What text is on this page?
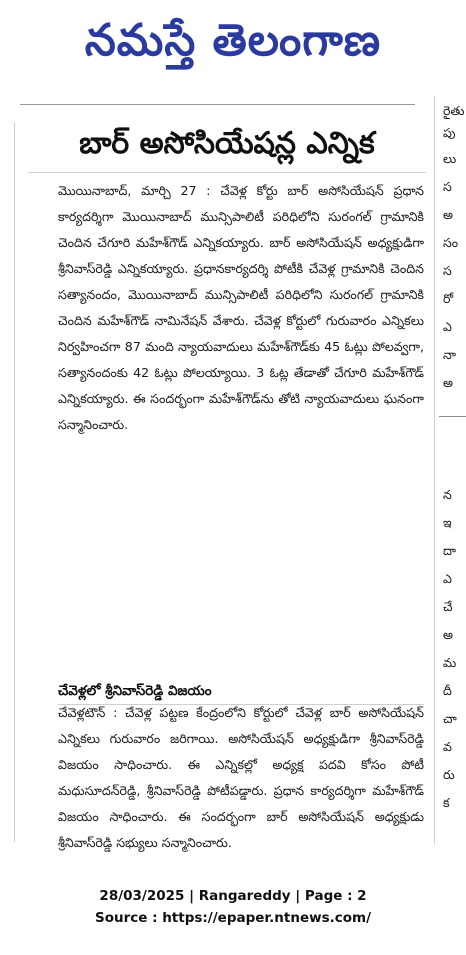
నమస్తే తెలంగాణ
బార్ అసోసియేషన్ల ఎన్నిక

మొయినాబాద్, మార్చి 27 : చేవెళ్ల కోర్టు బార్ అసోసియేషన్ ప్రధాన కార్యదర్శిగా మొయినాబాద్ మున్సిపాలిటీ పరిధిలోని సురంగల్ గ్రామానికి చెందిన చేగూరి మహేశ్‌గౌడ్ ఎన్నికయ్యారు. బార్ అసోసియేషన్ అధ్యక్షుడిగా శ్రీనివాస్‌రెడ్డి ఎన్నికయ్యారు. ప్రధానకార్యదర్శి పోటీకి చేవెళ్ల గ్రామానికి చెందిన సత్యానందం, మొయినాబాద్ మున్సిపాలిటీ పరిధిలోని సురంగల్ గ్రామానికి చెందిన మహేశ్‌గౌడ్ నామినేషన్ వేశారు. చేవెళ్ల కోర్టులో గురువారం ఎన్నికలు నిర్వహించగా 87 మంది న్యాయవాదులు మహేశ్‌గౌడ్‌కు 45 ఓట్లు పోలవ్వగా, సత్యానందంకు 42 ఓట్లు పోలయ్యాయి. 3 ఓట్ల తేడాతో చేగూరి మహేశ్‌గౌడ్ ఎన్నికయ్యారు. ఈ సందర్భంగా మహేశ్‌గౌడ్‌ను తోటి న్యాయవాదులు ఘనంగా సన్మానించారు.

చేవెళ్లలో శ్రీనివాస్‌రెడ్డి విజయం

చేవెళ్లటౌన్ : చేవెళ్ల పట్టణ కేంద్రంలోని కోర్టులో చేవెళ్ల బార్ అసోసియేషన్ ఎన్నికలు గురువారం జరిగాయి. అసోసియేషన్ అధ్యక్షుడిగా శ్రీనివాస్‌రెడ్డి విజయం సాధించారు. ఈ ఎన్నికల్లో అధ్యక్ష పదవి కోసం పోటీ మధుసూదన్‌రెడ్డి, శ్రీనివాస్‌రెడ్డి పోటీపడ్డారు. ప్రధాన కార్యదర్శిగా మహేశ్‌గౌడ్ విజయం సాధించారు. ఈ సందర్భంగా బార్ అసోసియేషన్ అధ్యక్షుడు శ్రీనివాస్‌రెడ్డి సభ్యులు సన్మానించారు.

రైతు
పు
లు
స
అ
సం
స
రో
ఎ
నా
అ
న
ఇ
దా
ఎ
చే
అ
మ
దీ
చా
వ
రు
క
28/03/2025 | Rangareddy | Page : 2
Source : https://epaper.ntnews.com/
